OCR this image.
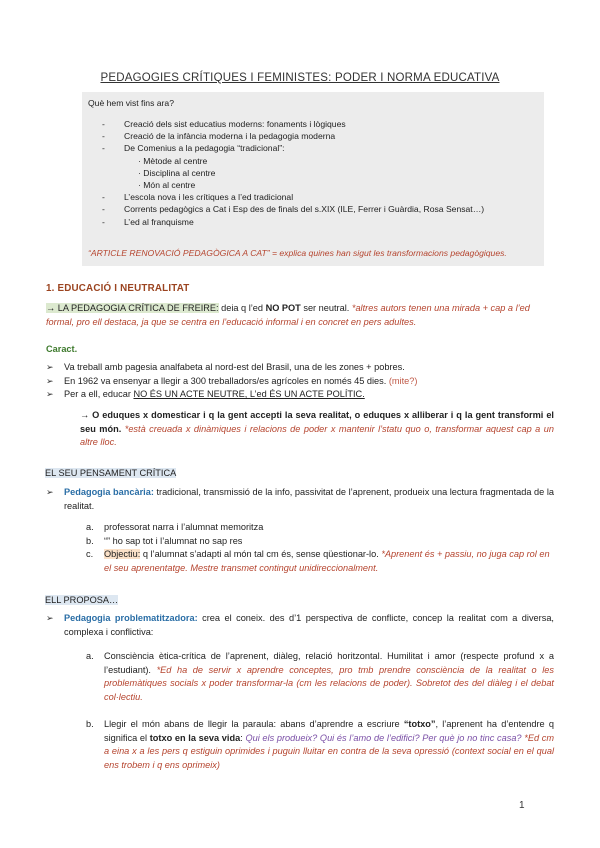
PEDAGOGIES CRÍTIQUES I FEMINISTES: PODER I NORMA EDUCATIVA
Què hem vist fins ara?
- Creació dels sist educatius moderns: fonaments i lògiques
- Creació de la infància moderna i la pedagogia moderna
- De Comenius a la pedagogia “tradicional”:
· Mètode al centre
· Disciplina al centre
· Món al centre
- L’escola nova i les crítiques a l’ed tradicional
- Corrents pedagògics a Cat i Esp des de finals del s.XIX (ILE, Ferrer i Guàrdia, Rosa Sensat…)
- L’ed al franquisme
“ARTICLE RENOVACIÓ PEDAGÒGICA A CAT” = explica quines han sigut les transformacions pedagògiques.
1. EDUCACIÓ I NEUTRALITAT
→ LA PEDAGOGIA CRÍTICA DE FREIRE: deia q l’ed NO POT ser neutral. *altres autors tenen una mirada + cap a l’ed formal, pro ell destaca, ja que se centra en l’educació informal i en concret en pers adultes.
Caract.
➢ Va treball amb pagesia analfabeta al nord-est del Brasil, una de les zones + pobres.
➢ En 1962 va ensenyar a llegir a 300 treballadors/es agrícoles en només 45 dies. (mite?)
➢ Per a ell, educar NO ÉS UN ACTE NEUTRE, L’ed ÉS UN ACTE POLÍTIC.
→ O eduques x domesticar i q la gent accepti la seva realitat, o eduques x alliberar i q la gent transformi el seu món. *està creuada x dinàmiques i relacions de poder x mantenir l’statu quo o, transformar aquest cap a un altre lloc.
EL SEU PENSAMENT CRÍTICA
➢ Pedagogia bancària: tradicional, transmissió de la info, passivitat de l’aprenent, produeix una lectura fragmentada de la realitat.
a. professorat narra i l’alumnat memoritza
b. “” ho sap tot i l’alumnat no sap res
c. Objectiu: q l’alumnat s’adapti al món tal cm és, sense qüestionar-lo. *Aprenent és + passiu, no juga cap rol en el seu aprenentatge. Mestre transmet contingut unidireccionalment.
ELL PROPOSA…
➢ Pedagogia problematitzadora: crea el coneix. des d’1 perspectiva de conflicte, concep la realitat com a diversa, complexa i conflictiva:
a. Consciència ètica-crítica de l’aprenent, diàleg, relació horitzontal. Humilitat i amor (respecte profund x a l’estudiant). *Ed ha de servir x aprendre conceptes, pro tmb prendre consciència de la realitat o les problemàtiques socials x poder transformar-la (cm les relacions de poder). Sobretot des del diàleg i el debat col·lectiu.
b. Llegir el món abans de llegir la paraula: abans d’aprendre a escriure “totxo”, l’aprenent ha d’entendre q significa el totxo en la seva vida: Qui els produeix? Qui és l’amo de l’edifici? Per què jo no tinc casa? *Ed cm a eina x a les pers q estiguin oprimides i puguin lluitar en contra de la seva opressió (context social en el qual ens trobem i q ens oprimeix)
1
